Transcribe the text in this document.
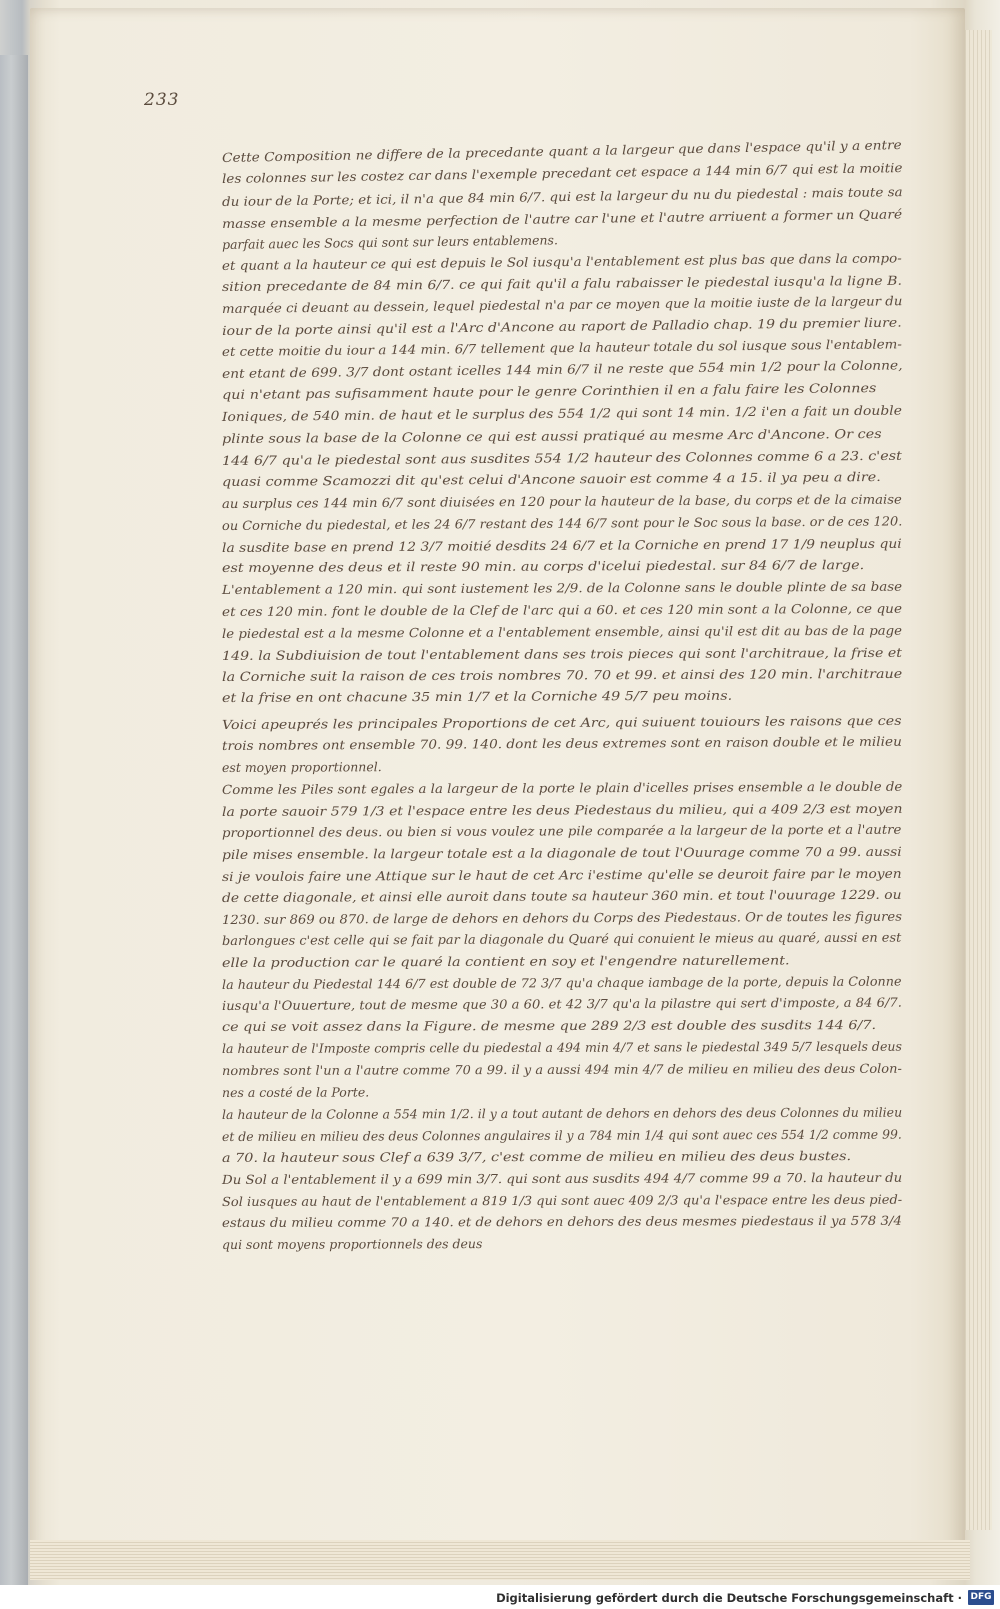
233
Cette Composition ne differe de la precedante quant a la largeur que dans l'espace qu'il y a entre
les colonnes sur les costez car dans l'exemple precedant cet espace a 144 min 6/7 qui est la moitie
du iour de la Porte; et ici, il n'a que 84 min 6/7. qui est la largeur du nu du piedestal : mais toute sa
masse ensemble a la mesme perfection de l'autre car l'une et l'autre arriuent a former un Quaré
parfait auec les Socs qui sont sur leurs entablemens.
et quant a la hauteur ce qui est depuis le Sol iusqu'a l'entablement est plus bas que dans la compo-
sition precedante de 84 min 6/7. ce qui fait qu'il a falu rabaisser le piedestal iusqu'a la ligne B.
marquée ci deuant au dessein, lequel piedestal n'a par ce moyen que la moitie iuste de la largeur du
iour de la porte ainsi qu'il est a l'Arc d'Ancone au raport de Palladio chap. 19 du premier liure.
et cette moitie du iour a 144 min. 6/7 tellement que la hauteur totale du sol iusque sous l'entablem-
ent etant de 699. 3/7 dont ostant icelles 144 min 6/7 il ne reste que 554 min 1/2 pour la Colonne,
qui n'etant pas sufisamment haute pour le genre Corinthien il en a falu faire les Colonnes
Ioniques, de 540 min. de haut et le surplus des 554 1/2 qui sont 14 min. 1/2 i'en a fait un double
plinte sous la base de la Colonne ce qui est aussi pratiqué au mesme Arc d'Ancone. Or ces
144 6/7 qu'a le piedestal sont aus susdites 554 1/2 hauteur des Colonnes comme 6 a 23. c'est
quasi comme Scamozzi dit qu'est celui d'Ancone sauoir est comme 4 a 15. il ya peu a dire.
au surplus ces 144 min 6/7 sont diuisées en 120 pour la hauteur de la base, du corps et de la cimaise
ou Corniche du piedestal, et les 24 6/7 restant des 144 6/7 sont pour le Soc sous la base. or de ces 120.
la susdite base en prend 12 3/7 moitié desdits 24 6/7 et la Corniche en prend 17 1/9 neuplus qui
est moyenne des deus et il reste 90 min. au corps d'icelui piedestal. sur 84 6/7 de large.
L'entablement a 120 min. qui sont iustement les 2/9. de la Colonne sans le double plinte de sa base
et ces 120 min. font le double de la Clef de l'arc qui a 60. et ces 120 min sont a la Colonne, ce que
le piedestal est a la mesme Colonne et a l'entablement ensemble, ainsi qu'il est dit au bas de la page
149. la Subdiuision de tout l'entablement dans ses trois pieces qui sont l'architraue, la frise et
la Corniche suit la raison de ces trois nombres 70. 70 et 99. et ainsi des 120 min. l'architraue
et la frise en ont chacune 35 min 1/7 et la Corniche 49 5/7 peu moins.
Voici apeuprés les principales Proportions de cet Arc, qui suiuent touiours les raisons que ces
trois nombres ont ensemble 70. 99. 140. dont les deus extremes sont en raison double et le milieu
est moyen proportionnel.
Comme les Piles sont egales a la largeur de la porte le plain d'icelles prises ensemble a le double de
la porte sauoir 579 1/3 et l'espace entre les deus Piedestaus du milieu, qui a 409 2/3 est moyen
proportionnel des deus. ou bien si vous voulez une pile comparée a la largeur de la porte et a l'autre
pile mises ensemble. la largeur totale est a la diagonale de tout l'Ouurage comme 70 a 99. aussi
si je voulois faire une Attique sur le haut de cet Arc i'estime qu'elle se deuroit faire par le moyen
de cette diagonale, et ainsi elle auroit dans toute sa hauteur 360 min. et tout l'ouurage 1229. ou
1230. sur 869 ou 870. de large de dehors en dehors du Corps des Piedestaus. Or de toutes les figures
barlongues c'est celle qui se fait par la diagonale du Quaré qui conuient le mieus au quaré, aussi en est
elle la production car le quaré la contient en soy et l'engendre naturellement.
la hauteur du Piedestal 144 6/7 est double de 72 3/7 qu'a chaque iambage de la porte, depuis la Colonne
iusqu'a l'Ouuerture, tout de mesme que 30 a 60. et 42 3/7 qu'a la pilastre qui sert d'imposte, a 84 6/7.
ce qui se voit assez dans la Figure. de mesme que 289 2/3 est double des susdits 144 6/7.
la hauteur de l'Imposte compris celle du piedestal a 494 min 4/7 et sans le piedestal 349 5/7 lesquels deus
nombres sont l'un a l'autre comme 70 a 99. il y a aussi 494 min 4/7 de milieu en milieu des deus Colon-
nes a costé de la Porte.
la hauteur de la Colonne a 554 min 1/2. il y a tout autant de dehors en dehors des deus Colonnes du milieu
et de milieu en milieu des deus Colonnes angulaires il y a 784 min 1/4 qui sont auec ces 554 1/2 comme 99.
a 70. la hauteur sous Clef a 639 3/7, c'est comme de milieu en milieu des deus bustes.
Du Sol a l'entablement il y a 699 min 3/7. qui sont aus susdits 494 4/7 comme 99 a 70. la hauteur du
Sol iusques au haut de l'entablement a 819 1/3 qui sont auec 409 2/3 qu'a l'espace entre les deus pied-
estaus du milieu comme 70 a 140. et de dehors en dehors des deus mesmes piedestaus il ya 578 3/4
qui sont moyens proportionnels des deus
Digitalisierung gefördert durch die Deutsche Forschungsgemeinschaft · DFG
